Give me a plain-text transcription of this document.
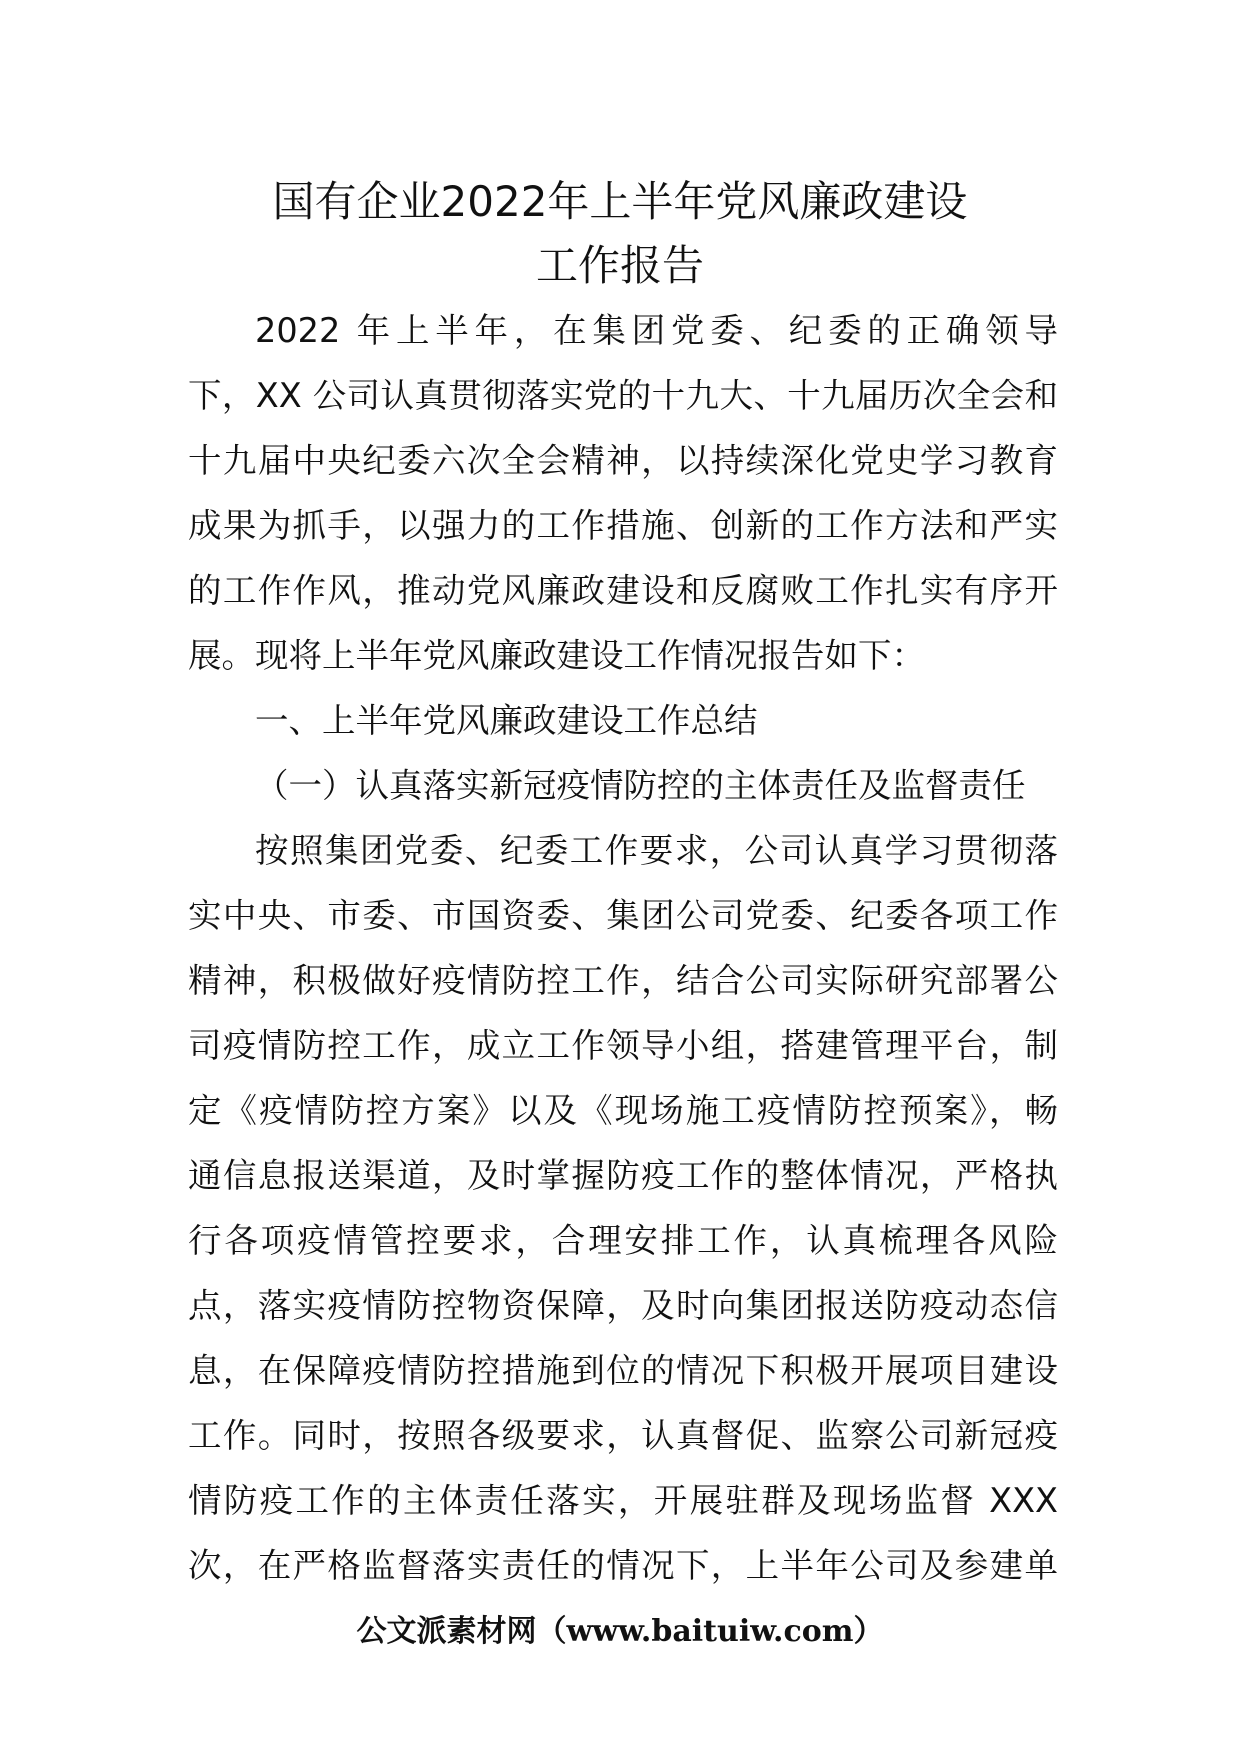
国有企业2022年上半年党风廉政建设
工作报告
2022 年上半年，在集团党委、纪委的正确领导
下，XX 公司认真贯彻落实党的十九大、十九届历次全会和
十九届中央纪委六次全会精神，以持续深化党史学习教育
成果为抓手，以强力的工作措施、创新的工作方法和严实
的工作作风，推动党风廉政建设和反腐败工作扎实有序开
展。现将上半年党风廉政建设工作情况报告如下：
一、上半年党风廉政建设工作总结
（一）认真落实新冠疫情防控的主体责任及监督责任
按照集团党委、纪委工作要求，公司认真学习贯彻落
实中央、市委、市国资委、集团公司党委、纪委各项工作
精神，积极做好疫情防控工作，结合公司实际研究部署公
司疫情防控工作，成立工作领导小组，搭建管理平台，制
定《疫情防控方案》以及《现场施工疫情防控预案》，畅
通信息报送渠道，及时掌握防疫工作的整体情况，严格执
行各项疫情管控要求，合理安排工作，认真梳理各风险
点，落实疫情防控物资保障，及时向集团报送防疫动态信
息，在保障疫情防控措施到位的情况下积极开展项目建设
工作。同时，按照各级要求，认真督促、监察公司新冠疫
情防疫工作的主体责任落实，开展驻群及现场监督 XXX
次，在严格监督落实责任的情况下，上半年公司及参建单
公文派素材网（www.baituiw.com）
